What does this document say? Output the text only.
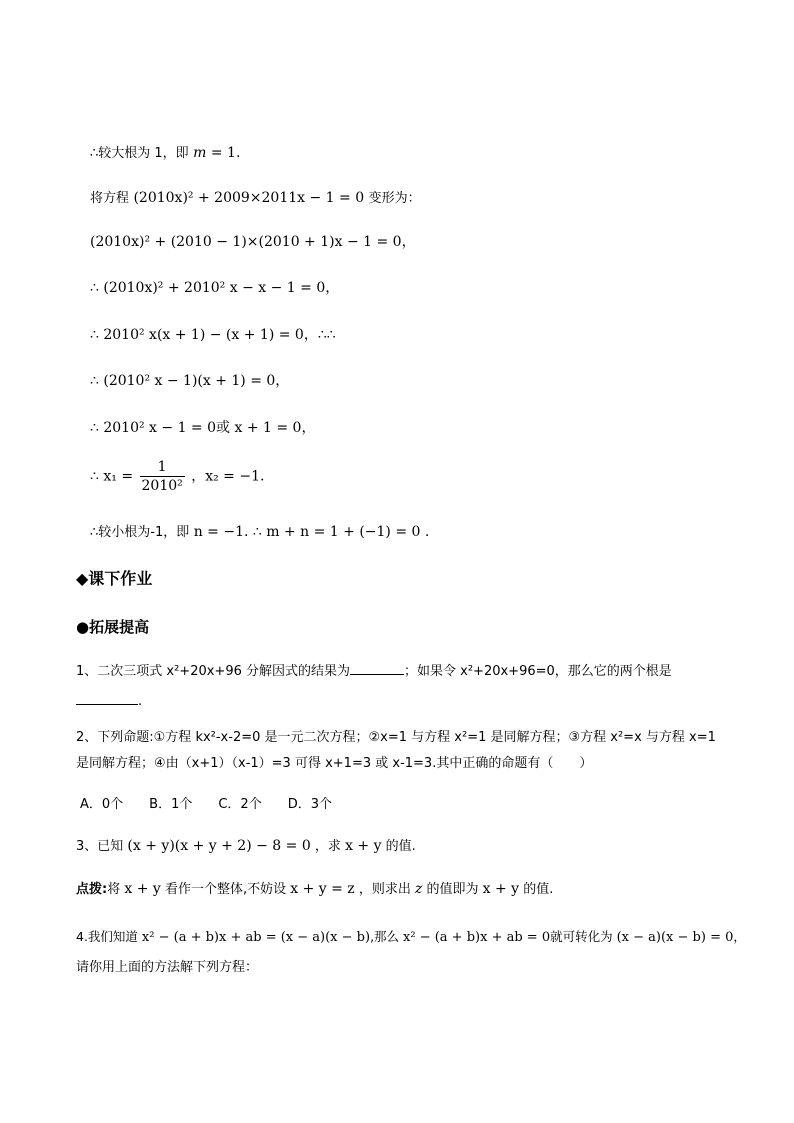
∴较大根为 1，即 m = 1.
将方程 (2010x)² + 2009×2011x − 1 = 0 变形为：
(2010x)² + (2010 − 1)×(2010 + 1)x − 1 = 0，
∴ (2010x)² + 2010² x − x − 1 = 0，
∴ 2010² x(x + 1) − (x + 1) = 0，∴∴
∴ (2010² x − 1)(x + 1) = 0，
∴ 2010² x − 1 = 0或 x + 1 = 0，
∴ $x_1 = \frac{1}{\text{2010²}}$ ，x₂ = −1.
∴较小根为-1，即 n = −1. ∴ m + n = 1 + (−1) = 0 .
◆课下作业
●拓展提高
1、二次三项式 x²+20x+96 分解因式的结果为	；如果令 x²+20x+96=0，那么它的两个根是
.
2、下列命题:①方程 kx²-x-2=0 是一元二次方程；②x=1 与方程 x²=1 是同解方程；③方程 x²=x 与方程 x=1
是同解方程；④由（x+1）（x-1）=3 可得 x+1=3 或 x-1=3.其中正确的命题有（　　）
A．0个　　B．1个　　C．2个　　D．3个
3、已知 (x + y)(x + y + 2) − 8 = 0 ，求 x + y 的值.
点拨:将 x + y 看作一个整体,不妨设 x + y = z ，则求出 z 的值即为 x + y 的值.
4.我们知道 x² − (a + b)x + ab = (x − a)(x − b),那么 x² − (a + b)x + ab = 0就可转化为 (x − a)(x − b) = 0，
请你用上面的方法解下列方程：
